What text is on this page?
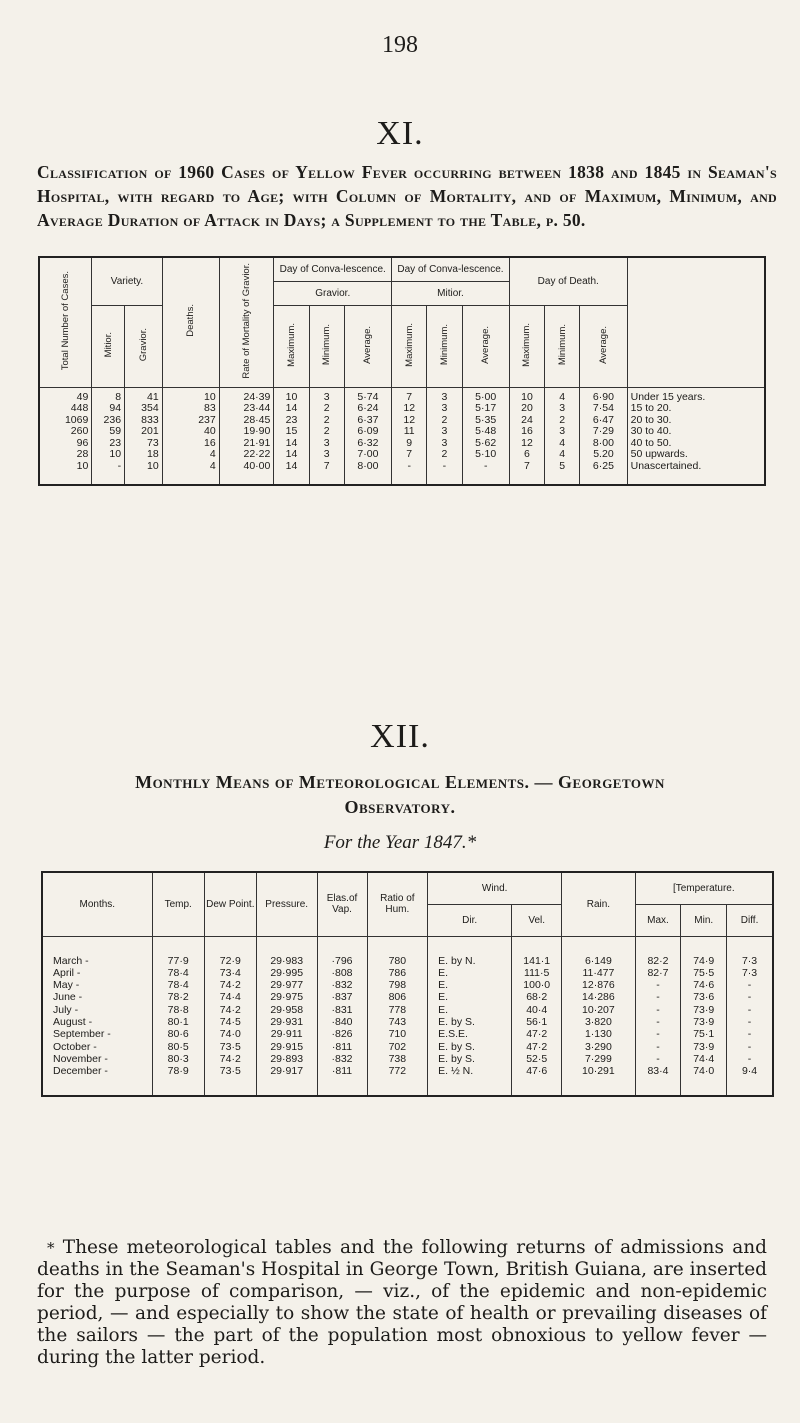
198
XI.
Classification of 1960 Cases of Yellow Fever occurring between 1838 and 1845 in Seaman's Hospital, with regard to Age; with Column of Mortality, and of Maximum, Minimum, and Average Duration of Attack in Days; a Supplement to the Table, p. 50.
Total Number of Cases.	Variety.		Deaths.	Rate of Mortality of Gravior.	Day of Conva-lescence.			Day of Conva-lescence.			Day of Death.			
					Gravior.			Mitior.						
	Mitior.	Gravior.			Maximum.	Minimum.	Average.	Maximum.	Minimum.	Average.	Maximum.	Minimum.	Average.	
49	8	41	10	24·39	10	3	5·74	7	3	5·00	10	4	6·90	Under 15 years.
448	94	354	83	23·44	14	2	6·24	12	3	5·17	20	3	7·54	15 to 20.
1069	236	833	237	28·45	23	2	6·37	12	2	5·35	24	2	6·47	20 to 30.
260	59	201	40	19·90	15	2	6·09	11	3	5·48	16	3	7·29	30 to 40.
96	23	73	16	21·91	14	3	6·32	9	3	5·62	12	4	8·00	40 to 50.
28	10	18	4	22·22	14	3	7·00	7	2	5·10	6	4	5.20	50 upwards.
10	-	10	4	40·00	14	7	8·00	-	-	-	7	5	6·25	Unascertained.
XII.
Monthly Means of Meteorological Elements. — Georgetown
Observatory.
For the Year 1847.*
Months.	Temp.	Dew Point.	Pressure.	Elas.of Vap.	Ratio of Hum.	Wind.		Rain.	[Temperature.		
						Dir.	Vel.		Max.	Min.	Diff.
March -	77·9	72·9	29·983	·796	780	E. by N.	141·1	6·149	82·2	74·9	7·3
April -	78·4	73·4	29·995	·808	786	E.	111·5	11·477	82·7	75·5	7·3
May -	78·4	74·2	29·977	·832	798	E.	100·0	12·876	-	74·6	-
June -	78·2	74·4	29·975	·837	806	E.	68·2	14·286	-	73·6	-
July -	78·8	74·2	29·958	·831	778	E.	40·4	10·207	-	73·9	-
August -	80·1	74·5	29·931	·840	743	E. by S.	56·1	3·820	-	73·9	-
September -	80·6	74·0	29·911	·826	710	E.S.E.	47·2	1·130	-	75·1	-
October -	80·5	73·5	29·915	·811	702	E. by S.	47·2	3·290	-	73·9	-
November -	80·3	74·2	29·893	·832	738	E. by S.	52·5	7·299	-	74·4	-
December -	78·9	73·5	29·917	·811	772	E. ½ N.	47·6	10·291	83·4	74·0	9·4
* These meteorological tables and the following returns of admissions and deaths in the Seaman's Hospital in George Town, British Guiana, are inserted for the purpose of comparison, — viz., of the epidemic and non-epidemic period, — and especially to show the state of health or prevailing diseases of the sailors — the part of the population most obnoxious to yellow fever — during the latter period.
